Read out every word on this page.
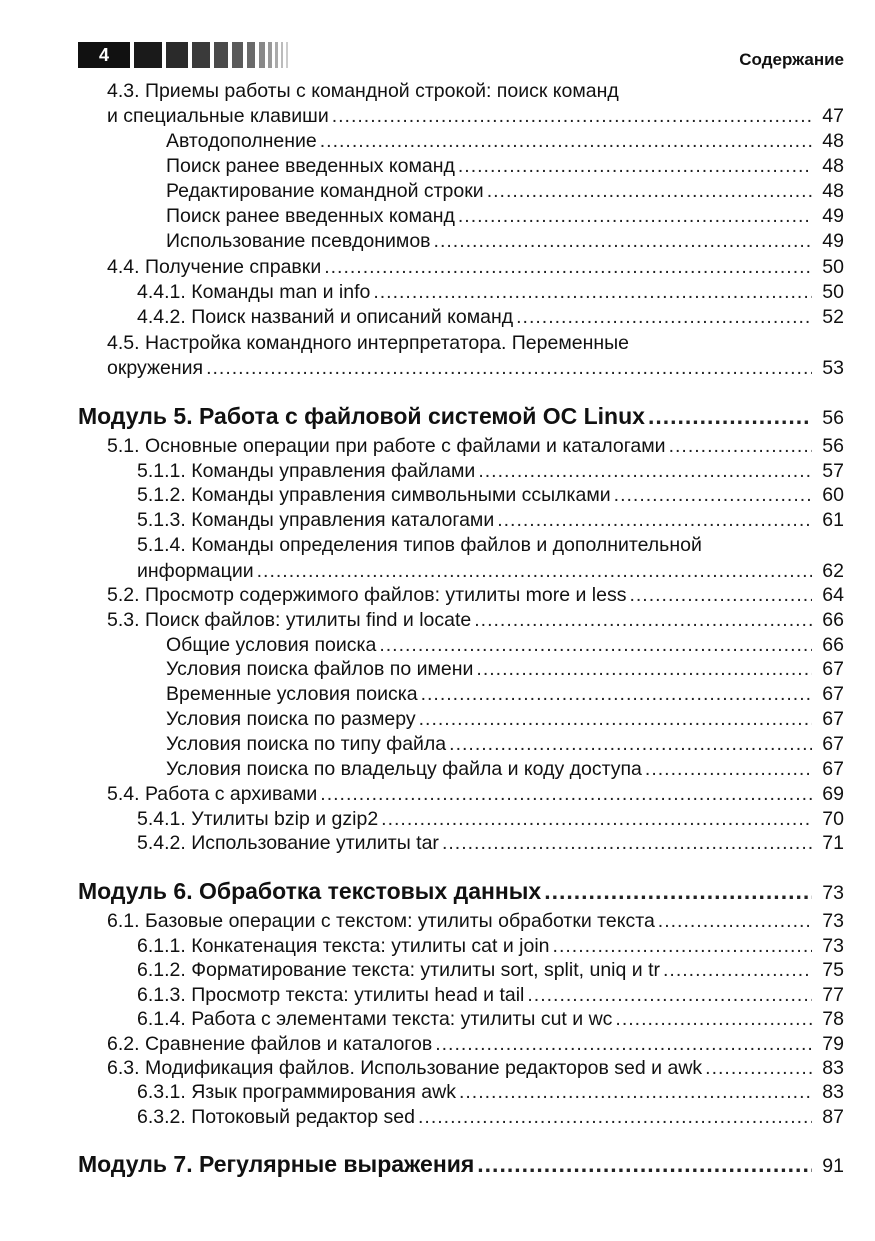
4	Содержание
4.3. Приемы работы с командной строкой: поиск команд
и специальные клавиши .....	47
Автодополнение .....	48
Поиск ранее введенных команд .....	48
Редактирование командной строки .....	48
Поиск ранее введенных команд .....	49
Использование псевдонимов .....	49
4.4. Получение справки .....	50
4.4.1. Команды man и info .....	50
4.4.2. Поиск названий и описаний команд .....	52
4.5. Настройка командного интерпретатора. Переменные
окружения .....	53
Модуль 5. Работа с файловой системой ОС Linux .....	56
5.1. Основные операции при работе с файлами и каталогами .....	56
5.1.1. Команды управления файлами .....	57
5.1.2. Команды управления символьными ссылками .....	60
5.1.3. Команды управления каталогами .....	61
5.1.4. Команды определения типов файлов и дополнительной
информации .....	62
5.2. Просмотр содержимого файлов: утилиты more и less .....	64
5.3. Поиск файлов: утилиты find и locate .....	66
Общие условия поиска .....	66
Условия поиска файлов по имени .....	67
Временные условия поиска .....	67
Условия поиска по размеру .....	67
Условия поиска по типу файла .....	67
Условия поиска по владельцу файла и коду доступа .....	67
5.4. Работа с архивами .....	69
5.4.1. Утилиты bzip и gzip2 .....	70
5.4.2. Использование утилиты tar .....	71
Модуль 6. Обработка текстовых данных .....	73
6.1. Базовые операции с текстом: утилиты обработки текста .....	73
6.1.1. Конкатенация текста: утилиты cat и join .....	73
6.1.2. Форматирование текста: утилиты sort, split, uniq и tr .....	75
6.1.3. Просмотр текста: утилиты head и tail .....	77
6.1.4. Работа с элементами текста: утилиты cut и wc .....	78
6.2. Сравнение файлов и каталогов .....	79
6.3. Модификация файлов. Использование редакторов sed и awk .....	83
6.3.1. Язык программирования awk .....	83
6.3.2. Потоковый редактор sed .....	87
Модуль 7. Регулярные выражения .....	91
